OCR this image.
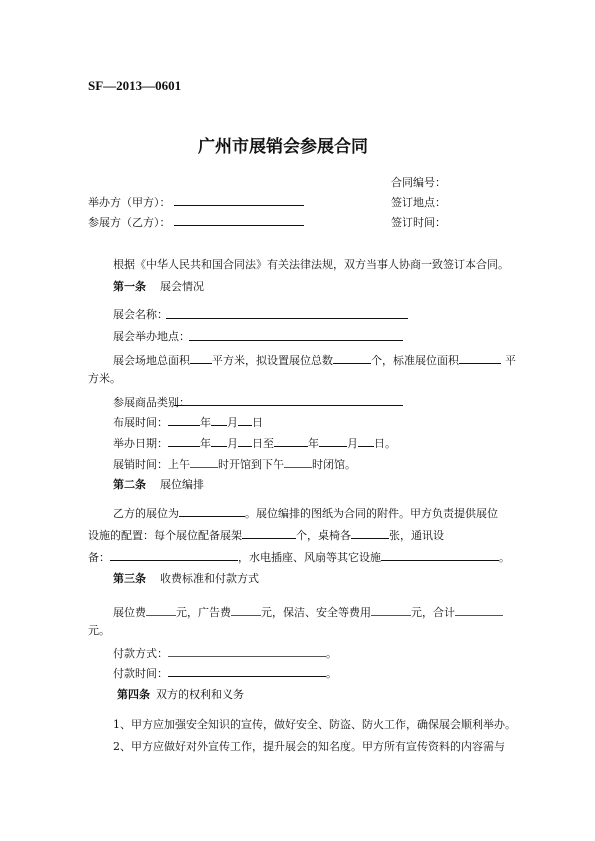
SF—2013—0601
广州市展销会参展合同
合同编号：
举办方（甲方）：	签订地点：
参展方（乙方）：	签订时间：
根据《中华人民共和国合同法》有关法律法规，双方当事人协商一致签订本合同。
第一条 展会情况
展会名称：
展会举办地点：
展会场地总面积 平方米，拟设置展位总数	个，标准展位面积	平
方米。
参展商品类别：
布展时间：	年 月 日
举办日期：	年 月 日至	年	月 日。
展销时间：上午	时开馆到下午	时闭馆。
第二条 展位编排
乙方的展位为	。展位编排的图纸为合同的附件。甲方负责提供展位
设施的配置：每个展位配备展架	个，桌椅各	张，通讯设
备：	，水电插座、风扇等其它设施	。
第三条 收费标准和付款方式
展位费	元，广告费	元，保洁、安全等费用	元，合计
元。
付款方式：	。
付款时间：	。
第四条 双方的权利和义务
1、甲方应加强安全知识的宣传，做好安全、防盗、防火工作，确保展会顺利举办。
2、甲方应做好对外宣传工作，提升展会的知名度。甲方所有宣传资料的内容需与
